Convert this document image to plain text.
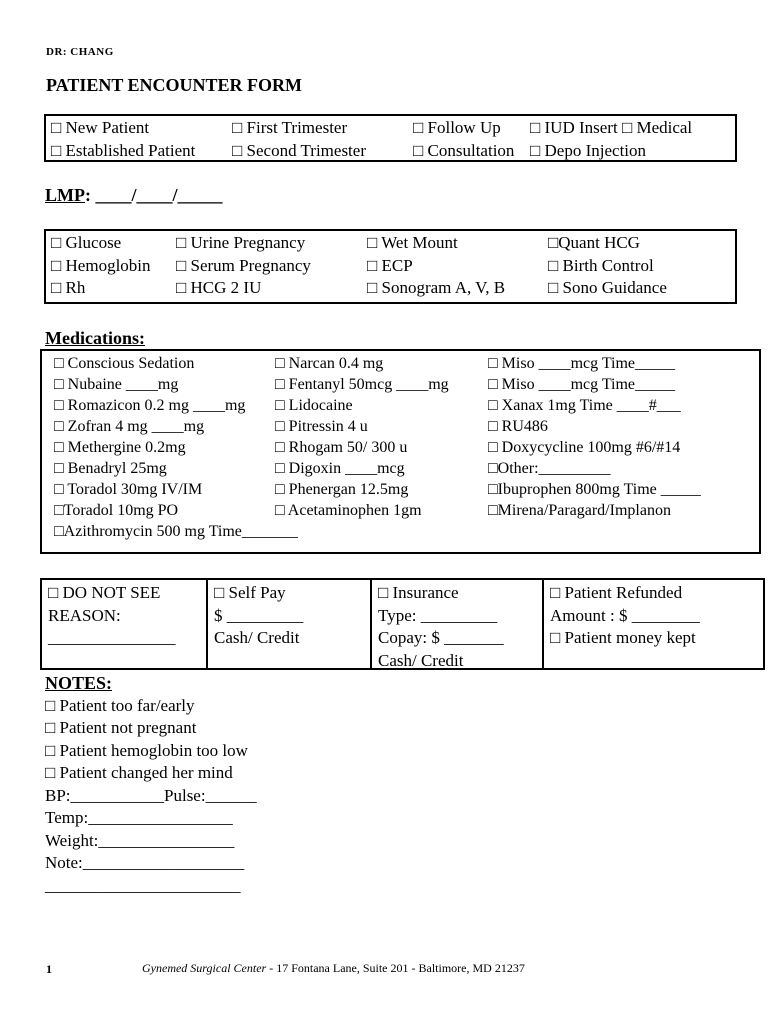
DR: CHANG
PATIENT ENCOUNTER FORM
□ New Patient
□ Established Patient
□ First Trimester
□ Second Trimester
□ Follow Up
□ Consultation
□ IUD Insert □ Medical
□ Depo Injection
LMP: ____/____/_____
□ Glucose
□ Hemoglobin
□ Rh
□ Urine Pregnancy
□ Serum Pregnancy
□ HCG 2 IU
□ Wet Mount
□ ECP
□ Sonogram A, V, B
□Quant HCG
□ Birth Control
□ Sono Guidance
Medications:
□ Conscious Sedation
□ Nubaine ____mg
□ Romazicon 0.2 mg ____mg
□ Zofran 4 mg ____mg
□ Methergine 0.2mg
□ Benadryl 25mg
□ Toradol 30mg IV/IM
□Toradol 10mg PO
□Azithromycin 500 mg Time_______
□ Narcan 0.4 mg
□ Fentanyl 50mcg ____mg
□ Lidocaine
□ Pitressin 4 u
□ Rhogam 50/ 300 u
□ Digoxin ____mcg
□ Phenergan 12.5mg
□ Acetaminophen 1gm
□ Miso ____mcg Time_____
□ Miso ____mcg Time_____
□ Xanax 1mg Time ____#___
□ RU486
□ Doxycycline 100mg #6/#14
□Other:_________
□Ibuprophen 800mg Time _____
□Mirena/Paragard/Implanon
□ DO NOT SEE
REASON:
_______________
□ Self Pay
$ _________
Cash/ Credit
□ Insurance
Type: _________
Copay: $ _______
Cash/ Credit
□ Patient Refunded
Amount : $ ________
□ Patient money kept
NOTES:
□ Patient too far/early
□ Patient not pregnant
□ Patient hemoglobin too low
□ Patient changed her mind
BP:___________Pulse:______
Temp:_________________
Weight:________________
Note:___________________
_______________________
1	Gynemed Surgical Center - 17 Fontana Lane, Suite 201 - Baltimore, MD 21237
